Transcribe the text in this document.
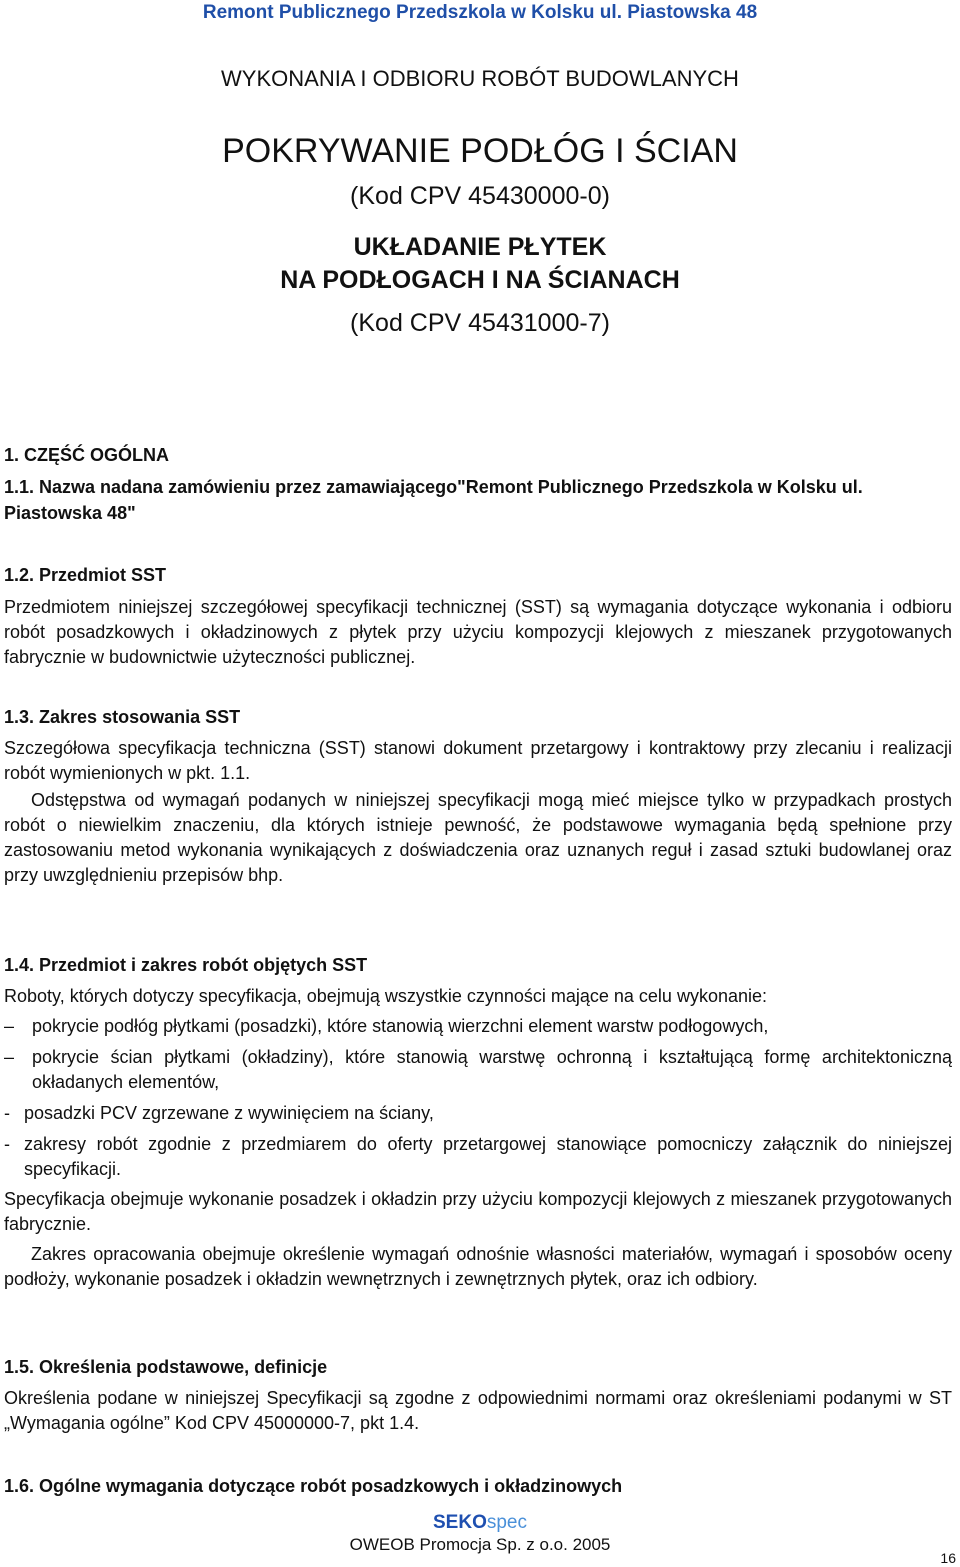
Remont Publicznego Przedszkola w Kolsku ul. Piastowska 48
WYKONANIA I ODBIORU ROBÓT BUDOWLANYCH
POKRYWANIE PODŁÓG I ŚCIAN
(Kod CPV 45430000-0)
UKŁADANIE PŁYTEK
NA PODŁOGACH I NA ŚCIANACH
(Kod CPV 45431000-7)
1. CZĘŚĆ OGÓLNA
1.1. Nazwa nadana zamówieniu przez zamawiającego"Remont Publicznego Przedszkola w Kolsku ul. Piastowska 48"
1.2. Przedmiot SST
Przedmiotem niniejszej szczegółowej specyfikacji technicznej (SST) są wymagania dotyczące wykonania i odbioru robót posadzkowych i okładzinowych z płytek przy użyciu kompozycji klejowych z mieszanek przygotowanych fabrycznie w budownictwie użyteczności publicznej.
1.3. Zakres stosowania SST
Szczegółowa specyfikacja techniczna (SST) stanowi dokument przetargowy i kontraktowy przy zlecaniu i realizacji robót wymienionych w pkt. 1.1.
Odstępstwa od wymagań podanych w niniejszej specyfikacji mogą mieć miejsce tylko w przypadkach prostych robót o niewielkim znaczeniu, dla których istnieje pewność, że podstawowe wymagania będą spełnione przy zastosowaniu metod wykonania wynikających z doświadczenia oraz uznanych reguł i zasad sztuki budowlanej oraz przy uwzględnieniu przepisów bhp.
1.4. Przedmiot i zakres robót objętych SST
Roboty, których dotyczy specyfikacja, obejmują wszystkie czynności mające na celu wykonanie:
– pokrycie podłóg płytkami (posadzki), które stanowią wierzchni element warstw podłogowych,
– pokrycie ścian płytkami (okładziny), które stanowią warstwę ochronną i kształtującą formę architektoniczną okładanych elementów,
- posadzki PCV zgrzewane z wywinięciem na ściany,
- zakresy robót zgodnie z przedmiarem do oferty przetargowej stanowiące pomocniczy załącznik do niniejszej specyfikacji.
Specyfikacja obejmuje wykonanie posadzek i okładzin przy użyciu kompozycji klejowych z mieszanek przygotowanych fabrycznie.
Zakres opracowania obejmuje określenie wymagań odnośnie własności materiałów, wymagań i sposobów oceny podłoży, wykonanie posadzek i okładzin wewnętrznych i zewnętrznych płytek, oraz ich odbiory.
1.5. Określenia podstawowe, definicje
Określenia podane w niniejszej Specyfikacji są zgodne z odpowiednimi normami oraz określeniami podanymi w ST „Wymagania ogólne” Kod CPV 45000000-7, pkt 1.4.
1.6. Ogólne wymagania dotyczące robót posadzkowych i okładzinowych
SEKOspec
OWEOB Promocja Sp. z o.o. 2005
16
